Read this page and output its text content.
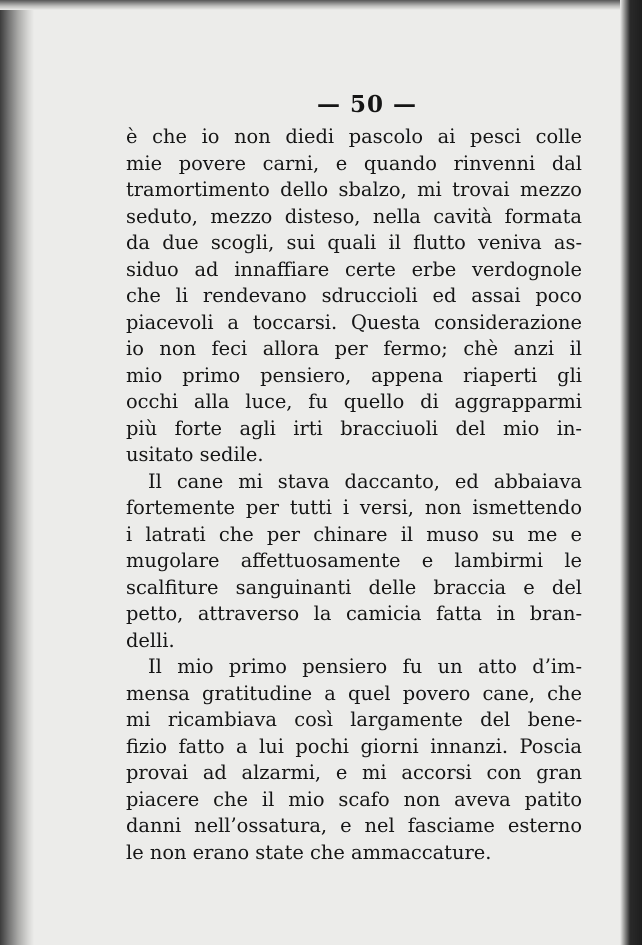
— 50 —
è che io non diedi pascolo ai pesci colle
mie povere carni, e quando rinvenni dal
tramortimento dello sbalzo, mi trovai mezzo
seduto, mezzo disteso, nella cavità formata
da due scogli, sui quali il flutto veniva as-
siduo ad innaffiare certe erbe verdognole
che li rendevano sdruccioli ed assai poco
piacevoli a toccarsi. Questa considerazione
io non feci allora per fermo; chè anzi il
mio primo pensiero, appena riaperti gli
occhi alla luce, fu quello di aggrapparmi
più forte agli irti bracciuoli del mio in-
usitato sedile.
Il cane mi stava daccanto, ed abbaiava
fortemente per tutti i versi, non ismettendo
i latrati che per chinare il muso su me e
mugolare affettuosamente e lambirmi le
scalfiture sanguinanti delle braccia e del
petto, attraverso la camicia fatta in bran-
delli.
Il mio primo pensiero fu un atto d’im-
mensa gratitudine a quel povero cane, che
mi ricambiava così largamente del bene-
fizio fatto a lui pochi giorni innanzi. Poscia
provai ad alzarmi, e mi accorsi con gran
piacere che il mio scafo non aveva patito
danni nell’ossatura, e nel fasciame esterno
le non erano state che ammaccature.
